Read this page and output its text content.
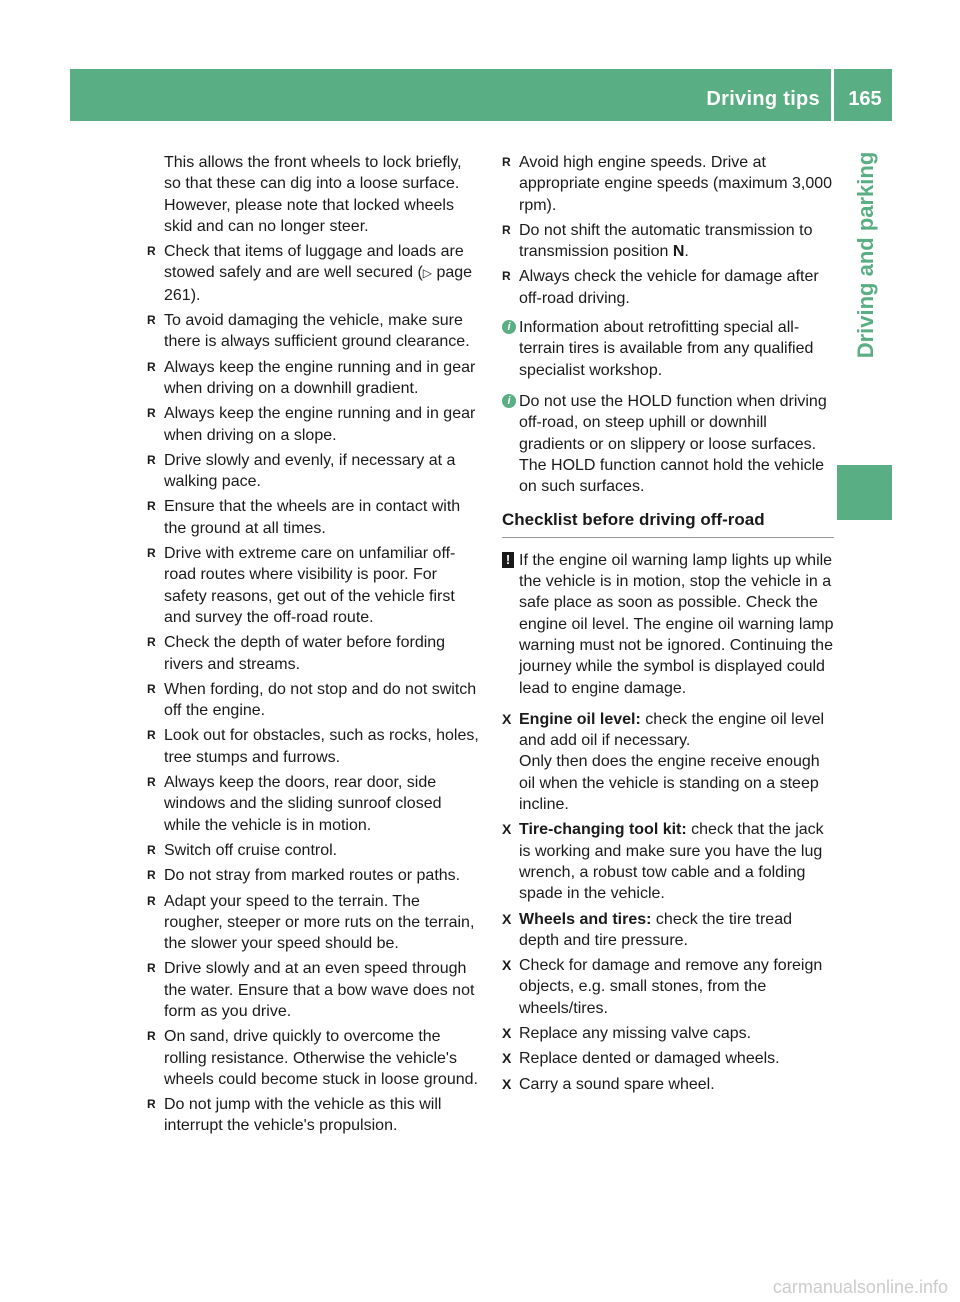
Driving tips	165
Driving and parking
This allows the front wheels to lock briefly, so that these can dig into a loose surface. However, please note that locked wheels skid and can no longer steer.
R Check that items of luggage and loads are stowed safely and are well secured (▷ page 261).
R To avoid damaging the vehicle, make sure there is always sufficient ground clearance.
R Always keep the engine running and in gear when driving on a downhill gradient.
R Always keep the engine running and in gear when driving on a slope.
R Drive slowly and evenly, if necessary at a walking pace.
R Ensure that the wheels are in contact with the ground at all times.
R Drive with extreme care on unfamiliar off-road routes where visibility is poor. For safety reasons, get out of the vehicle first and survey the off-road route.
R Check the depth of water before fording rivers and streams.
R When fording, do not stop and do not switch off the engine.
R Look out for obstacles, such as rocks, holes, tree stumps and furrows.
R Always keep the doors, rear door, side windows and the sliding sunroof closed while the vehicle is in motion.
R Switch off cruise control.
R Do not stray from marked routes or paths.
R Adapt your speed to the terrain. The rougher, steeper or more ruts on the terrain, the slower your speed should be.
R Drive slowly and at an even speed through the water. Ensure that a bow wave does not form as you drive.
R On sand, drive quickly to overcome the rolling resistance. Otherwise the vehicle's wheels could become stuck in loose ground.
R Do not jump with the vehicle as this will interrupt the vehicle's propulsion.
R Avoid high engine speeds. Drive at appropriate engine speeds (maximum 3,000 rpm).
R Do not shift the automatic transmission to transmission position N.
R Always check the vehicle for damage after off-road driving.
i Information about retrofitting special all-terrain tires is available from any qualified specialist workshop.
i Do not use the HOLD function when driving off-road, on steep uphill or downhill gradients or on slippery or loose surfaces. The HOLD function cannot hold the vehicle on such surfaces.
Checklist before driving off-road
! If the engine oil warning lamp lights up while the vehicle is in motion, stop the vehicle in a safe place as soon as possible. Check the engine oil level. The engine oil warning lamp warning must not be ignored. Continuing the journey while the symbol is displayed could lead to engine damage.
X Engine oil level: check the engine oil level and add oil if necessary.
Only then does the engine receive enough oil when the vehicle is standing on a steep incline.
X Tire-changing tool kit: check that the jack is working and make sure you have the lug wrench, a robust tow cable and a folding spade in the vehicle.
X Wheels and tires: check the tire tread depth and tire pressure.
X Check for damage and remove any foreign objects, e.g. small stones, from the wheels/tires.
X Replace any missing valve caps.
X Replace dented or damaged wheels.
X Carry a sound spare wheel.
carmanualsonline.info
